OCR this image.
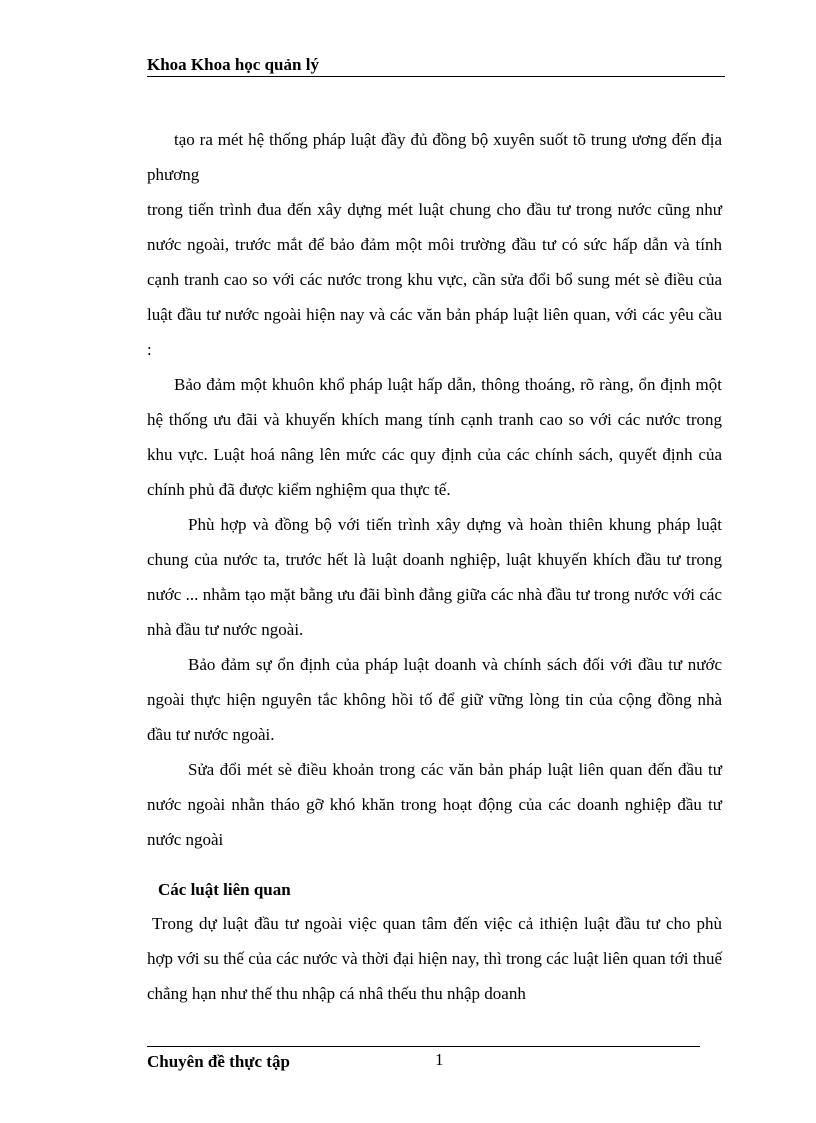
Khoa Khoa học quản lý

tạo ra mét hệ thống pháp luật đầy đủ đồng bộ xuyên suốt tõ trung ương đến địa phương

trong tiến trình đua đến xây dựng mét luật chung cho đầu tư trong nước cũng như nước ngoài, trước mắt để bảo đảm một môi trường đầu tư có sức hấp dẫn và tính cạnh tranh cao so với các nước trong khu vực, cần sửa đổi bổ sung mét sè điều của luật đầu tư nước ngoài hiện nay và các văn bản pháp luật liên quan, với các yêu cầu :

Bảo đảm một khuôn khổ pháp luật hấp dẫn, thông thoáng, rõ ràng, ổn định một hệ thống ưu đãi và khuyến khích mang tính cạnh tranh cao so với các nước trong khu vực. Luật hoá nâng lên mức các quy định của các chính sách, quyết định của chính phủ đã được kiểm nghiệm qua thực tế.

Phù hợp và đồng bộ với tiến trình xây dựng và hoàn thiên khung pháp luật chung của nước ta, trước hết là luật doanh nghiệp, luật khuyến khích đầu tư trong nước ... nhằm tạo mặt bằng ưu đãi bình đẳng giữa các nhà đầu tư trong nước với các nhà đầu tư nước ngoài.

Bảo đảm sự ổn định của pháp luật doanh và chính sách đối với đầu tư nước ngoài thực hiện nguyên tắc không hồi tố để giữ vững lòng tin của cộng đồng nhà đầu tư nước ngoài.

Sửa đổi mét sè điều khoản trong các văn bản pháp luật liên quan đến đầu tư nước ngoài nhằn tháo gỡ khó khăn trong hoạt động của các doanh nghiệp đầu tư nước ngoài

Các luật liên quan

Trong dự luật đầu tư ngoài việc quan tâm đến việc cả ithiện luật đầu tư cho phù hợp với su thế của các nước và thời đại hiện nay, thì trong các luật liên quan tới thuế chẳng hạn như thế thu nhập cá nhâ thếu thu nhập doanh

Chuyên đề thực tập	1
